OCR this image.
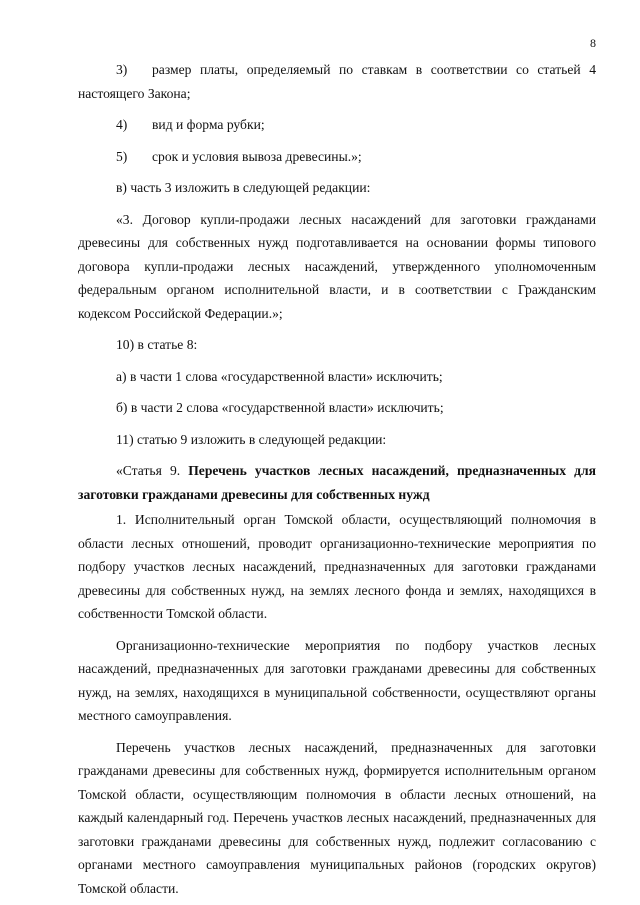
8

3) размер платы, определяемый по ставкам в соответствии со статьей 4 настоящего Закона;

4)	вид и форма рубки;

5)	срок и условия вывоза древесины.»;

в) часть 3 изложить в следующей редакции:

«3. Договор купли-продажи лесных насаждений для заготовки гражданами древесины для собственных нужд подготавливается на основании формы типового договора купли-продажи лесных насаждений, утвержденного уполномоченным федеральным органом исполнительной власти, и в соответствии с Гражданским кодексом Российской Федерации.»;

10) в статье 8:

а) в части 1 слова «государственной власти» исключить;

б) в части 2 слова «государственной власти» исключить;

11) статью 9 изложить в следующей редакции:

«Статья 9. Перечень участков лесных насаждений, предназначенных для заготовки гражданами древесины для собственных нужд

1. Исполнительный орган Томской области, осуществляющий полномочия в области лесных отношений, проводит организационно-технические мероприятия по подбору участков лесных насаждений, предназначенных для заготовки гражданами древесины для собственных нужд, на землях лесного фонда и землях, находящихся в собственности Томской области.

Организационно-технические мероприятия по подбору участков лесных насаждений, предназначенных для заготовки гражданами древесины для собственных нужд, на землях, находящихся в муниципальной собственности, осуществляют органы местного самоуправления.

Перечень участков лесных насаждений, предназначенных для заготовки гражданами древесины для собственных нужд, формируется исполнительным органом Томской области, осуществляющим полномочия в области лесных отношений, на каждый календарный год. Перечень участков лесных насаждений, предназначенных для заготовки гражданами древесины для собственных нужд, подлежит согласованию с органами местного самоуправления муниципальных районов (городских округов) Томской области.
